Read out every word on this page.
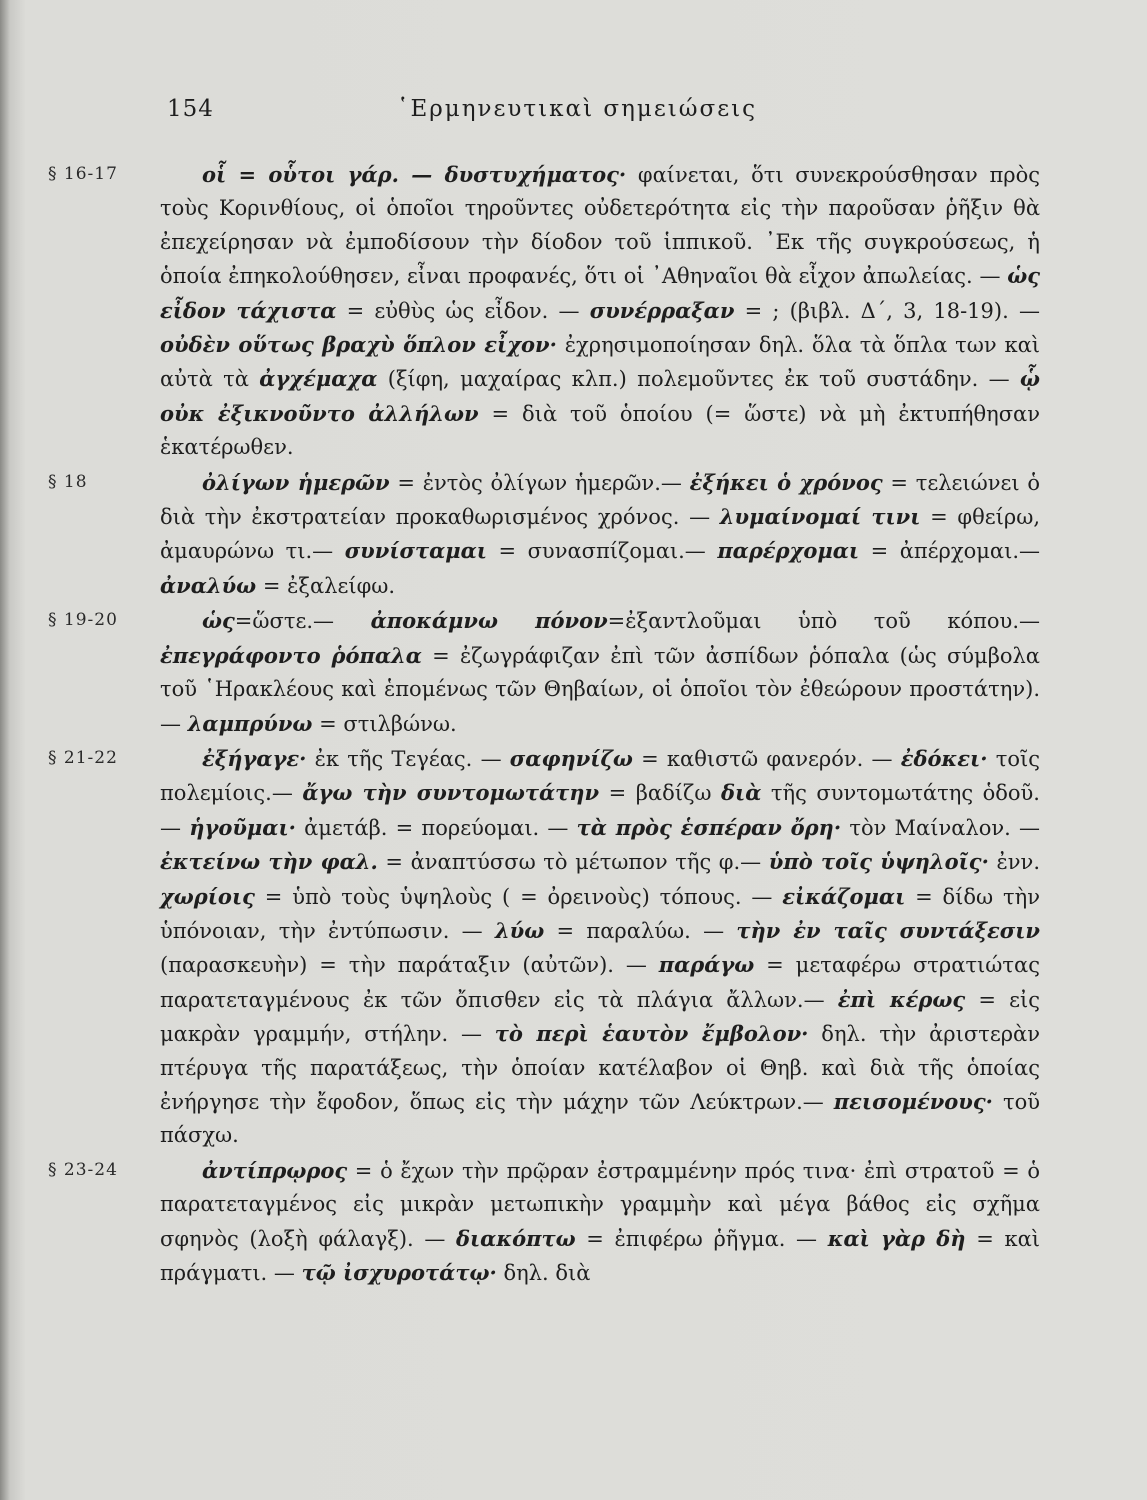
154	῾Ερμηνευτικαὶ σημειώσεις
§ 16-17	οἷ = οὗτοι γάρ. — δυστυχήματος· φαίνεται, ὅτι συνεκρούσθησαν πρὸς τοὺς Κορινθίους, οἱ ὁποῖοι τηροῦντες οὐδετερότητα εἰς τὴν παροῦσαν ῥῆξιν θὰ ἐπεχείρησαν νὰ ἐμποδίσουν τὴν δίοδον τοῦ ἱππικοῦ. ᾿Εκ τῆς συγκρούσεως, ἡ ὁποία ἐπηκολούθησεν, εἶναι προφανές, ὅτι οἱ ᾿Αθηναῖοι θὰ εἶχον ἀπωλείας. — ὡς εἶδον τάχιστα = εὐθὺς ὡς εἶδον. — συνέρραξαν = ; (βιβλ. Δ΄, 3, 18-19). — οὐδὲν οὕτως βραχὺ ὅπλον εἶχον· ἐχρησιμοποίησαν δηλ. ὅλα τὰ ὅπλα των καὶ αὐτὰ τὰ ἀγχέμαχα (ξίφη, μαχαίρας κλπ.) πολεμοῦντες ἐκ τοῦ συστάδην. — ᾧ οὐκ ἐξικνοῦντο ἀλλήλων = διὰ τοῦ ὁποίου (= ὥστε) νὰ μὴ ἐκτυπήθησαν ἑκατέρωθεν.

§ 18	ὀλίγων ἡμερῶν = ἐντὸς ὀλίγων ἡμερῶν.— ἐξήκει ὁ χρόνος = τελειώνει ὁ διὰ τὴν ἐκστρατείαν προκαθωρισμένος χρόνος. — λυμαίνομαί τινι = φθείρω, ἀμαυρώνω τι.— συνίσταμαι = συνασπίζομαι.— παρέρχομαι = ἀπέρχομαι.— ἀναλύω = ἐξαλείφω.

§ 19-20	ὡς=ὥστε.— ἀποκάμνω πόνον=ἐξαντλοῦμαι ὑπὸ τοῦ κόπου.— ἐπεγράφοντο ῥόπαλα = ἐζωγράφιζαν ἐπὶ τῶν ἀσπίδων ῥόπαλα (ὡς σύμβολα τοῦ ῾Ηρακλέους καὶ ἑπομένως τῶν Θηβαίων, οἱ ὁποῖοι τὸν ἐθεώρουν προστάτην).— λαμπρύνω = στιλβώνω.

§ 21-22	ἐξήγαγε· ἐκ τῆς Τεγέας. — σαφηνίζω = καθιστῶ φανερόν. — ἐδόκει· τοῖς πολεμίοις.— ἄγω τὴν συντομωτάτην = βαδίζω διὰ τῆς συντομωτάτης ὁδοῦ. — ἡγοῦμαι· ἀμετάβ. = πορεύομαι. — τὰ πρὸς ἑσπέραν ὄρη· τὸν Μαίναλον. — ἐκτείνω τὴν φαλ. = ἀναπτύσσω τὸ μέτωπον τῆς φ.— ὑπὸ τοῖς ὑψηλοῖς· ἐνν. χωρίοις = ὑπὸ τοὺς ὑψηλοὺς ( = ὀρεινοὺς) τόπους. — εἰκάζομαι = δίδω τὴν ὑπόνοιαν, τὴν ἐντύπωσιν. — λύω = παραλύω. — τὴν ἐν ταῖς συντάξεσιν (παρασκευὴν) = τὴν παράταξιν (αὐτῶν). — παράγω = μεταφέρω στρατιώτας παρατεταγμένους ἐκ τῶν ὄπισθεν εἰς τὰ πλάγια ἄλλων.— ἐπὶ κέρως = εἰς μακρὰν γραμμήν, στήλην. — τὸ περὶ ἑαυτὸν ἔμβολον· δηλ. τὴν ἀριστερὰν πτέρυγα τῆς παρατάξεως, τὴν ὁποίαν κατέλαβον οἱ Θηβ. καὶ διὰ τῆς ὁποίας ἐνήργησε τὴν ἔφοδον, ὅπως εἰς τὴν μάχην τῶν Λεύκτρων.— πεισομένους· τοῦ πάσχω.

§ 23-24	ἀντίπρῳρος = ὁ ἔχων τὴν πρῷραν ἐστραμμένην πρός τινα· ἐπὶ στρατοῦ = ὁ παρατεταγμένος εἰς μικρὰν μετωπικὴν γραμμὴν καὶ μέγα βάθος εἰς σχῆμα σφηνὸς (λοξὴ φάλαγξ). — διακόπτω = ἐπιφέρω ῥῆγμα. — καὶ γὰρ δὴ = καὶ πράγματι. — τῷ ἰσχυροτάτῳ· δηλ. διὰ
